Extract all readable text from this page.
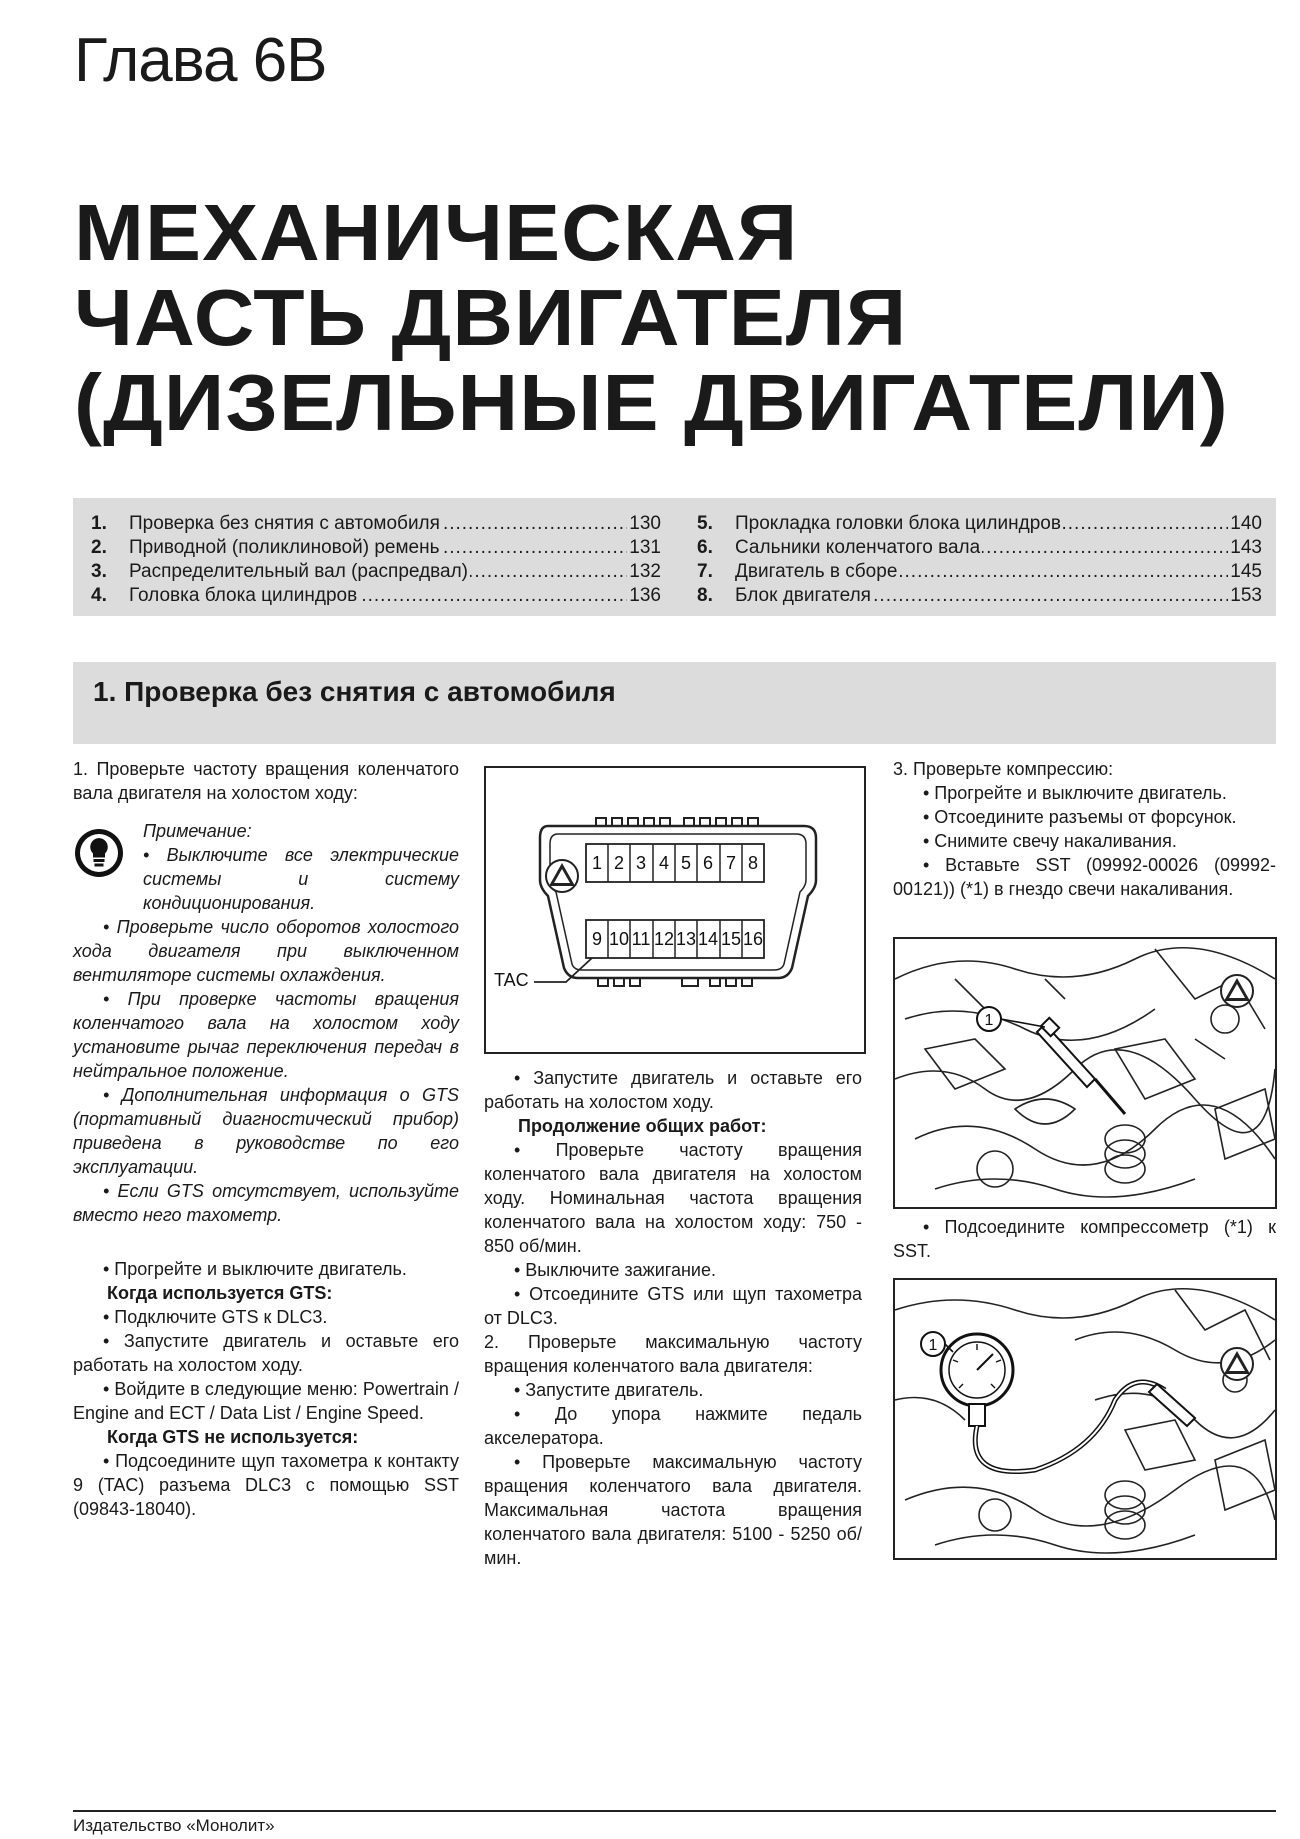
Глава 6В
МЕХАНИЧЕСКАЯ
ЧАСТЬ ДВИГАТЕЛЯ
(ДИЗЕЛЬНЫЕ ДВИГАТЕЛИ)
1. Проверка без снятия с автомобиля .....	130
2. Приводной (поликлиновой) ремень .....	131
3. Распределительный вал (распредвал) .....	132
4. Головка блока цилиндров .....	136
5. Прокладка головки блока цилиндров .....	140
6. Сальники коленчатого вала .....	143
7. Двигатель в сборе .....	145
8. Блок двигателя .....	153
1. Проверка без снятия с автомобиля

1. Проверьте частоту вращения коленчатого вала двигателя на холостом ходу:

Примечание:

• Выключите все электрические системы и систему кондиционирования.

• Проверьте число оборотов холостого хода двигателя при выключенном вентиляторе системы охлаждения.

• При проверке частоты вращения коленчатого вала на холостом ходу установите рычаг переключения передач в нейтральное положение.

• Дополнительная информация о GTS (портативный диагностический прибор) приведена в руководстве по его эксплуатации.

• Если GTS отсутствует, используйте вместо него тахометр.

• Прогрейте и выключите двигатель.

Когда используется GTS:

• Подключите GTS к DLC3.

• Запустите двигатель и оставьте его работать на холостом ходу.

• Войдите в следующие меню: Powertrain / Engine and ECT / Data List / Engine Speed.

Когда GTS не используется:

• Подсоедините щуп тахометра к контакту 9 (TAC) разъема DLC3 с помощью SST (09843-18040).

1 2 3 4 5 6 7 8
9 10 11 12 13 14 15 16
TAC

• Запустите двигатель и оставьте его работать на холостом ходу.

Продолжение общих работ:

• Проверьте частоту вращения коленчатого вала двигателя на холостом ходу. Номинальная частота вращения коленчатого вала на холостом ходу: 750 - 850 об/мин.

• Выключите зажигание.

• Отсоедините GTS или щуп тахометра от DLC3.

2. Проверьте максимальную частоту вращения коленчатого вала двигателя:

• Запустите двигатель.

• До упора нажмите педаль акселератора.

• Проверьте максимальную частоту вращения коленчатого вала двигателя. Максимальная частота вращения коленчатого вала двигателя: 5100 - 5250 об/мин.

3. Проверьте компрессию:

• Прогрейте и выключите двигатель.

• Отсоедините разъемы от форсунок.

• Снимите свечу накаливания.

• Вставьте SST (09992-00026 (09992-00121)) (*1) в гнездо свечи накаливания.

1

• Подсоедините компрессометр (*1) к SST.

1
Издательство «Монолит»
